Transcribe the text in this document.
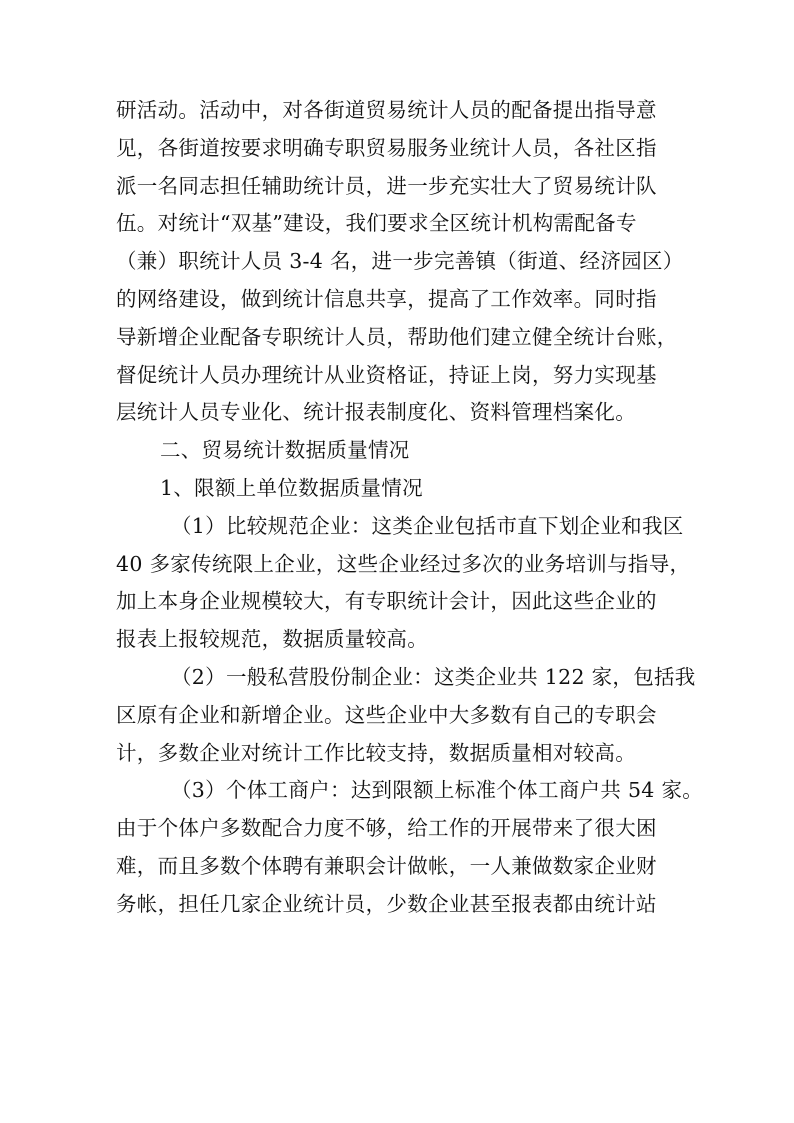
研活动。活动中，对各街道贸易统计人员的配备提出指导意
见，各街道按要求明确专职贸易服务业统计人员，各社区指
派一名同志担任辅助统计员，进一步充实壮大了贸易统计队
伍。对统计“双基”建设，我们要求全区统计机构需配备专
（兼）职统计人员 3-4 名，进一步完善镇（街道、经济园区）
的网络建设，做到统计信息共享，提高了工作效率。同时指
导新增企业配备专职统计人员，帮助他们建立健全统计台账，
督促统计人员办理统计从业资格证，持证上岗，努力实现基
层统计人员专业化、统计报表制度化、资料管理档案化。
二、贸易统计数据质量情况
1、限额上单位数据质量情况
（1）比较规范企业：这类企业包括市直下划企业和我区
40 多家传统限上企业，这些企业经过多次的业务培训与指导，
加上本身企业规模较大，有专职统计会计，因此这些企业的
报表上报较规范，数据质量较高。
（2）一般私营股份制企业：这类企业共 122 家，包括我
区原有企业和新增企业。这些企业中大多数有自己的专职会
计，多数企业对统计工作比较支持，数据质量相对较高。
（3）个体工商户：达到限额上标准个体工商户共 54 家。
由于个体户多数配合力度不够，给工作的开展带来了很大困
难，而且多数个体聘有兼职会计做帐，一人兼做数家企业财
务帐，担任几家企业统计员，少数企业甚至报表都由统计站
